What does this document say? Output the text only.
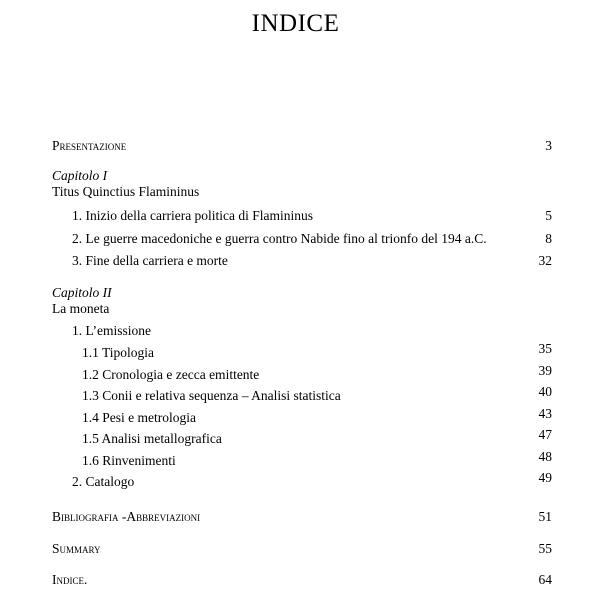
INDICE
Presentazione	3
Capitolo I
Titus Quinctius Flamininus
1. Inizio della carriera politica di Flamininus	5
2. Le guerre macedoniche e guerra contro Nabide fino al trionfo del 194 a.C.	8
3. Fine della carriera e morte	32
Capitolo II
La moneta
1. L’emissione
1.1 Tipologia	35
1.2 Cronologia e zecca emittente	39
1.3 Conii e relativa sequenza – Analisi statistica	40
1.4 Pesi e metrologia	43
1.5 Analisi metallografica	47
1.6 Rinvenimenti	48
2. Catalogo	49
Bibliografia -Abbreviazioni	51
Summary	55
Indice.	64
